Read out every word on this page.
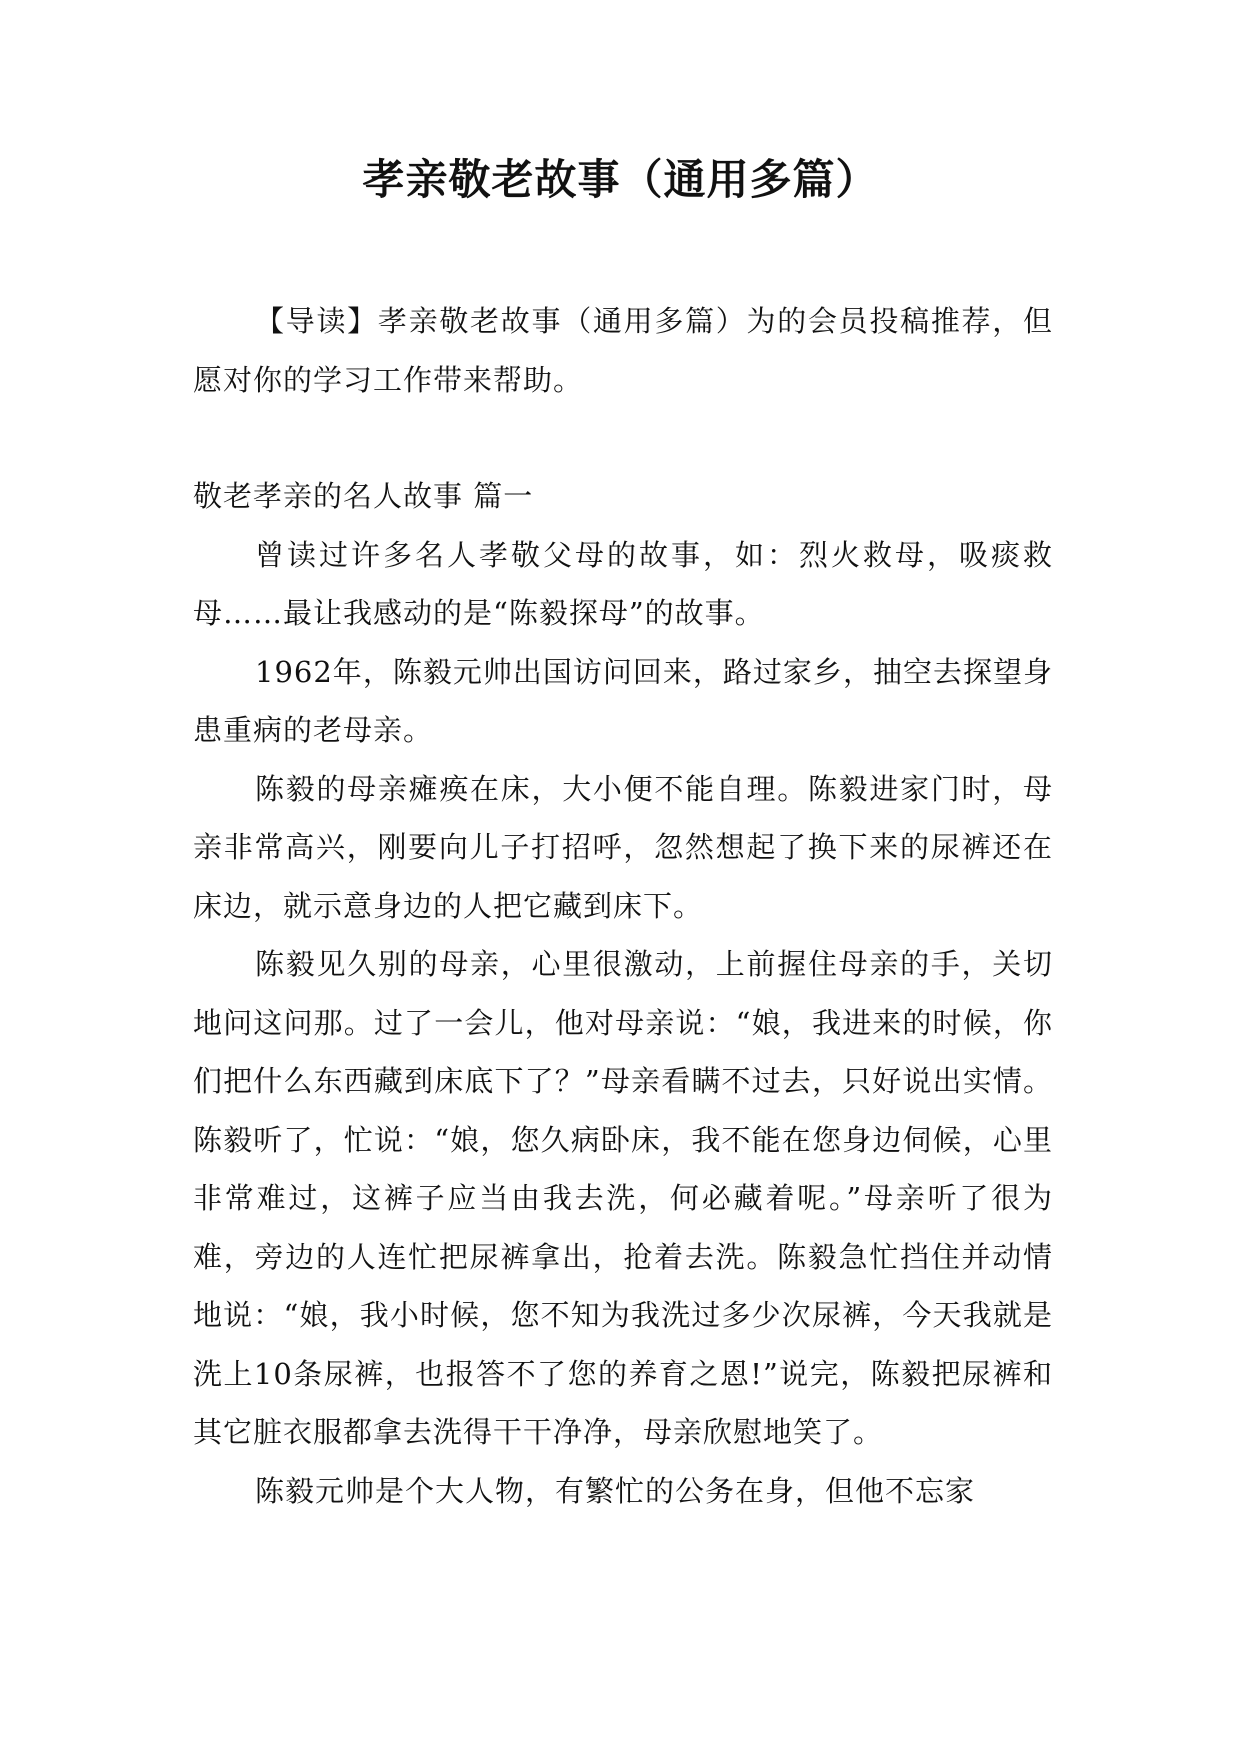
孝亲敬老故事（通用多篇）

【导读】孝亲敬老故事（通用多篇）为的会员投稿推荐，但愿对你的学习工作带来帮助。

敬老孝亲的名人故事 篇一

曾读过许多名人孝敬父母的故事，如：烈火救母，吸痰救母……最让我感动的是“陈毅探母”的故事。

1962年，陈毅元帅出国访问回来，路过家乡，抽空去探望身患重病的老母亲。

陈毅的母亲瘫痪在床，大小便不能自理。陈毅进家门时，母亲非常高兴，刚要向儿子打招呼，忽然想起了换下来的尿裤还在床边，就示意身边的人把它藏到床下。

陈毅见久别的母亲，心里很激动，上前握住母亲的手，关切地问这问那。过了一会儿，他对母亲说：“娘，我进来的时候，你们把什么东西藏到床底下了？”母亲看瞒不过去，只好说出实情。陈毅听了，忙说：“娘，您久病卧床，我不能在您身边伺候，心里非常难过，这裤子应当由我去洗，何必藏着呢。”母亲听了很为难，旁边的人连忙把尿裤拿出，抢着去洗。陈毅急忙挡住并动情地说：“娘，我小时候，您不知为我洗过多少次尿裤，今天我就是洗上10条尿裤，也报答不了您的养育之恩!”说完，陈毅把尿裤和其它脏衣服都拿去洗得干干净净，母亲欣慰地笑了。

陈毅元帅是个大人物，有繁忙的公务在身，但他不忘家
